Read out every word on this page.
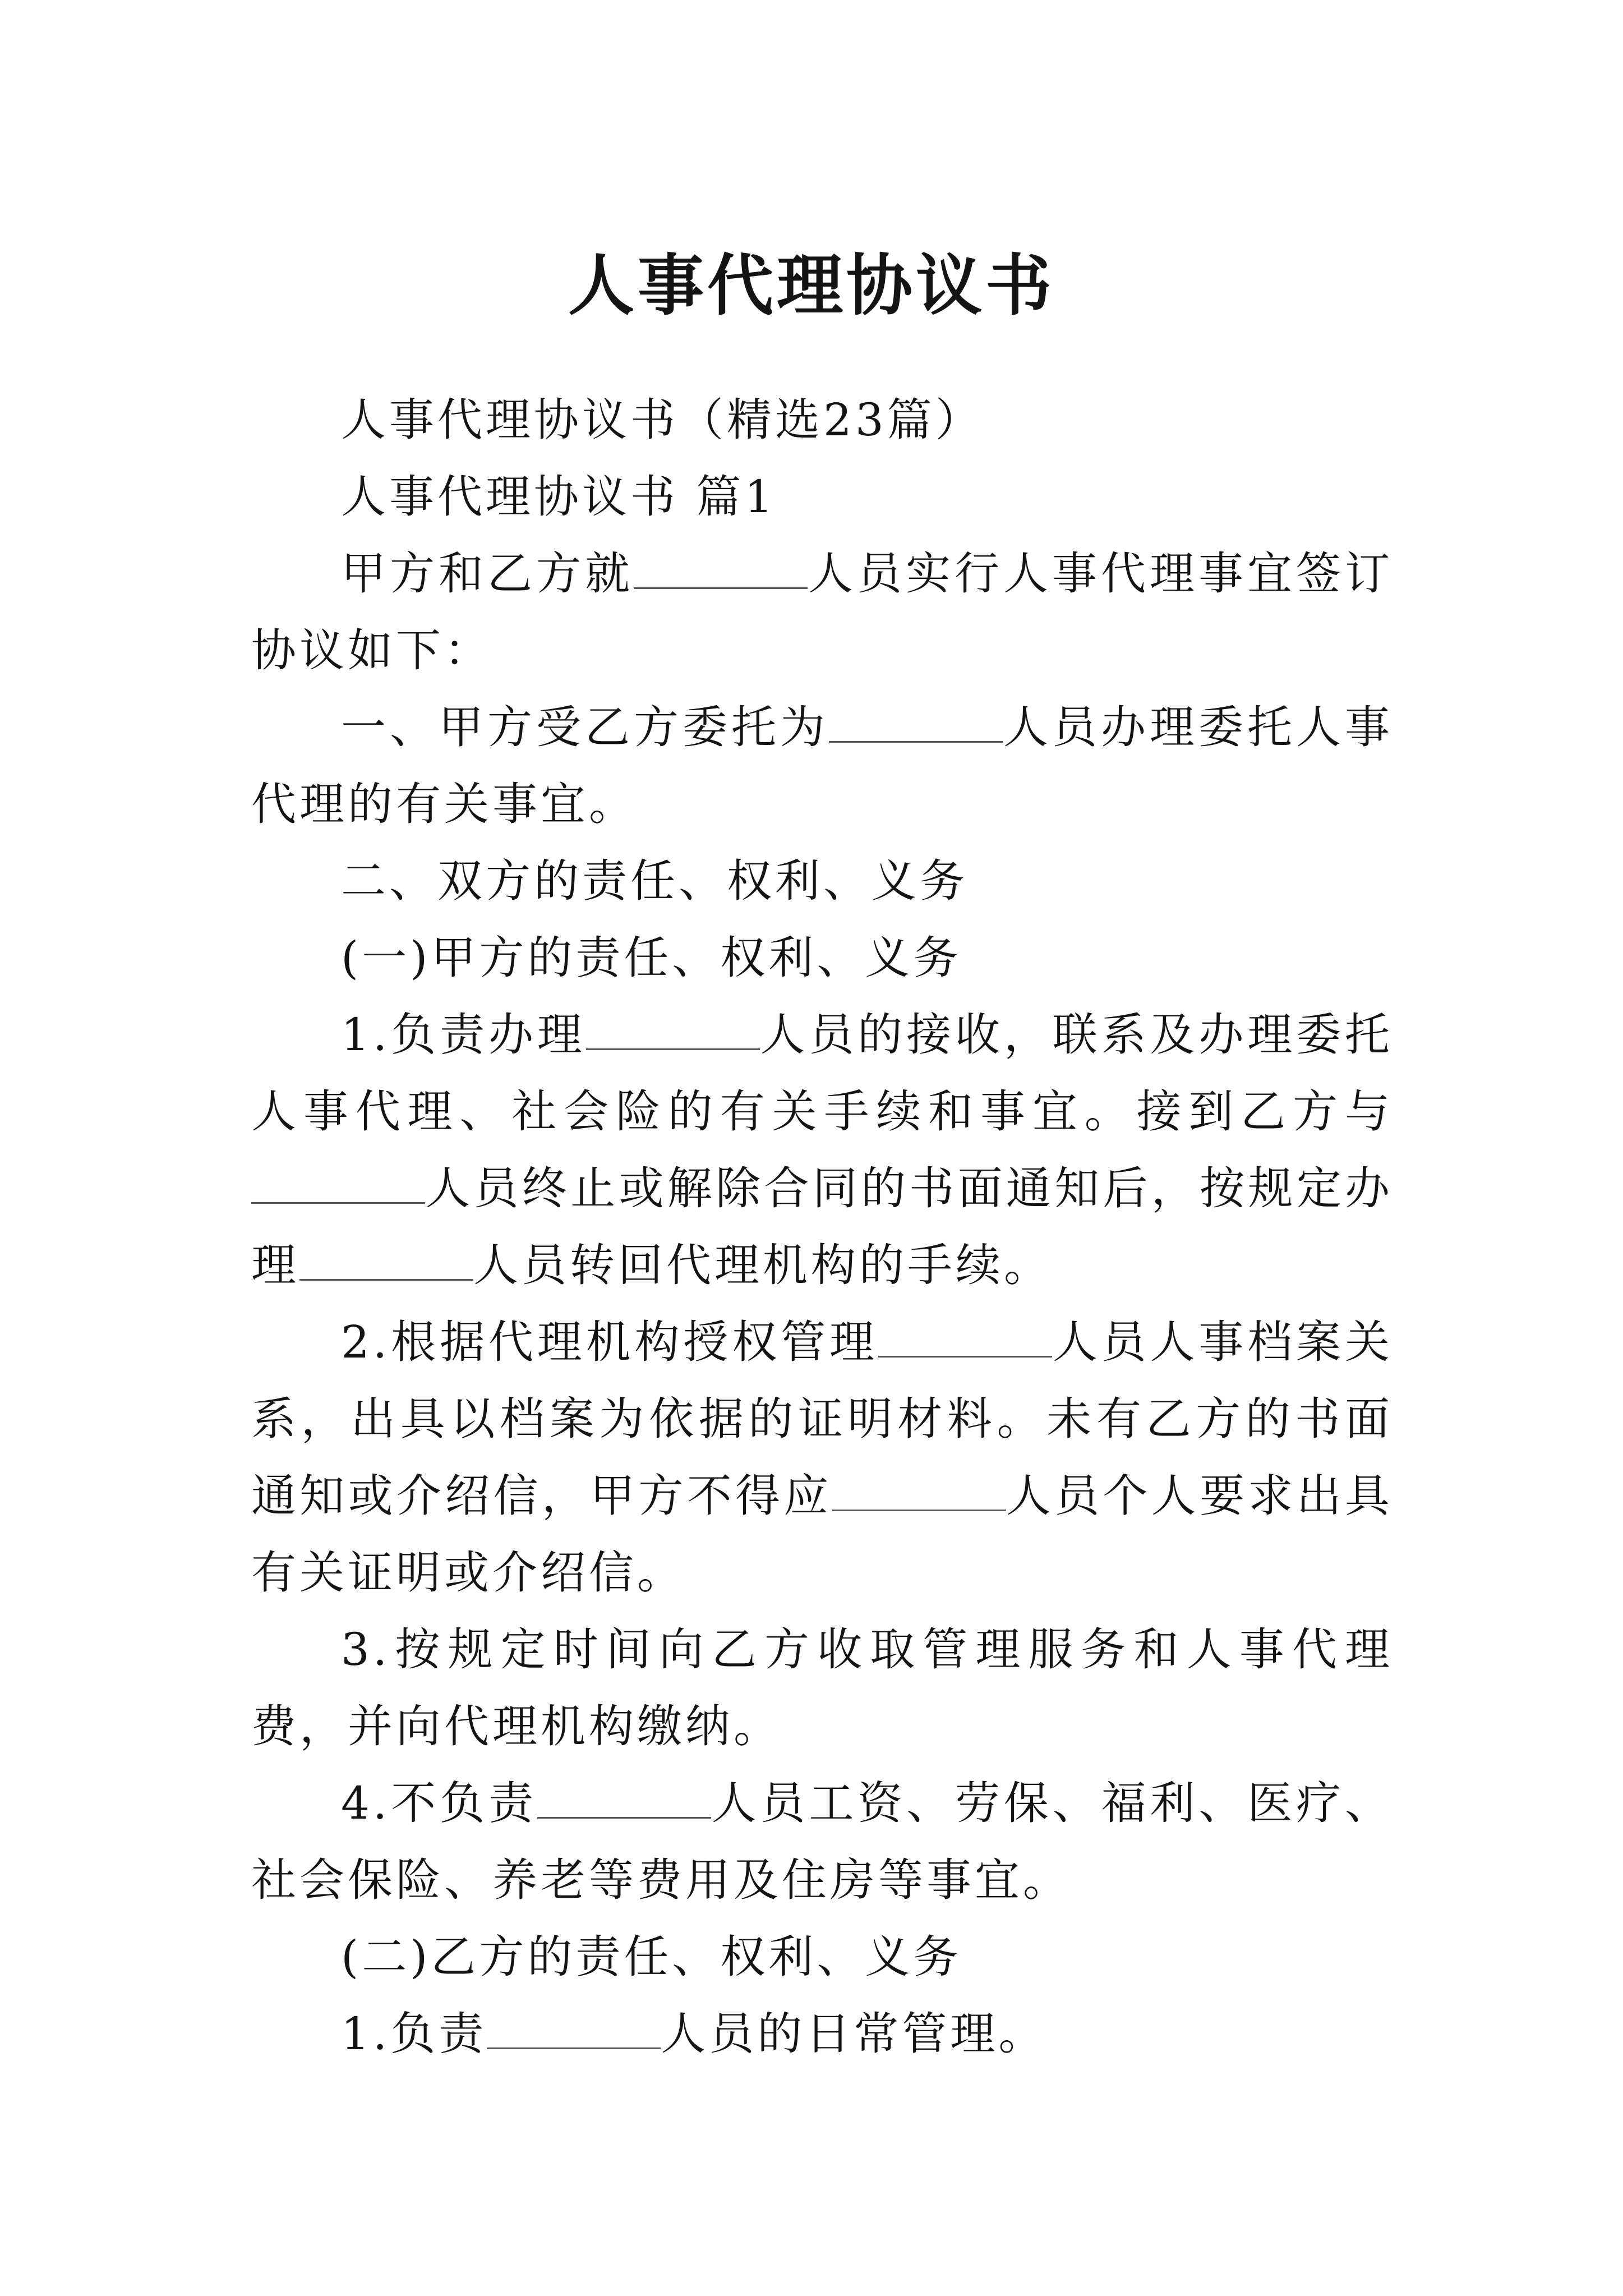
人事代理协议书

人事代理协议书（精选23篇）

人事代理协议书 篇1

甲方和乙方就	人员实行人事代理事宜签订协议如下：

一、甲方受乙方委托为	人员办理委托人事代理的有关事宜。

二、双方的责任、权利、义务

(一)甲方的责任、权利、义务

1.负责办理	人员的接收，联系及办理委托人事代理、社会险的有关手续和事宜。接到乙方与人员终止或解除合同的书面通知后，按规定办理	人员转回代理机构的手续。

2.根据代理机构授权管理	人员人事档案关系，出具以档案为依据的证明材料。未有乙方的书面通知或介绍信，甲方不得应	人员个人要求出具有关证明或介绍信。

3.按规定时间向乙方收取管理服务和人事代理费，并向代理机构缴纳。

4.不负责	人员工资、劳保、福利、医疗、社会保险、养老等费用及住房等事宜。

(二)乙方的责任、权利、义务

1.负责	人员的日常管理。
